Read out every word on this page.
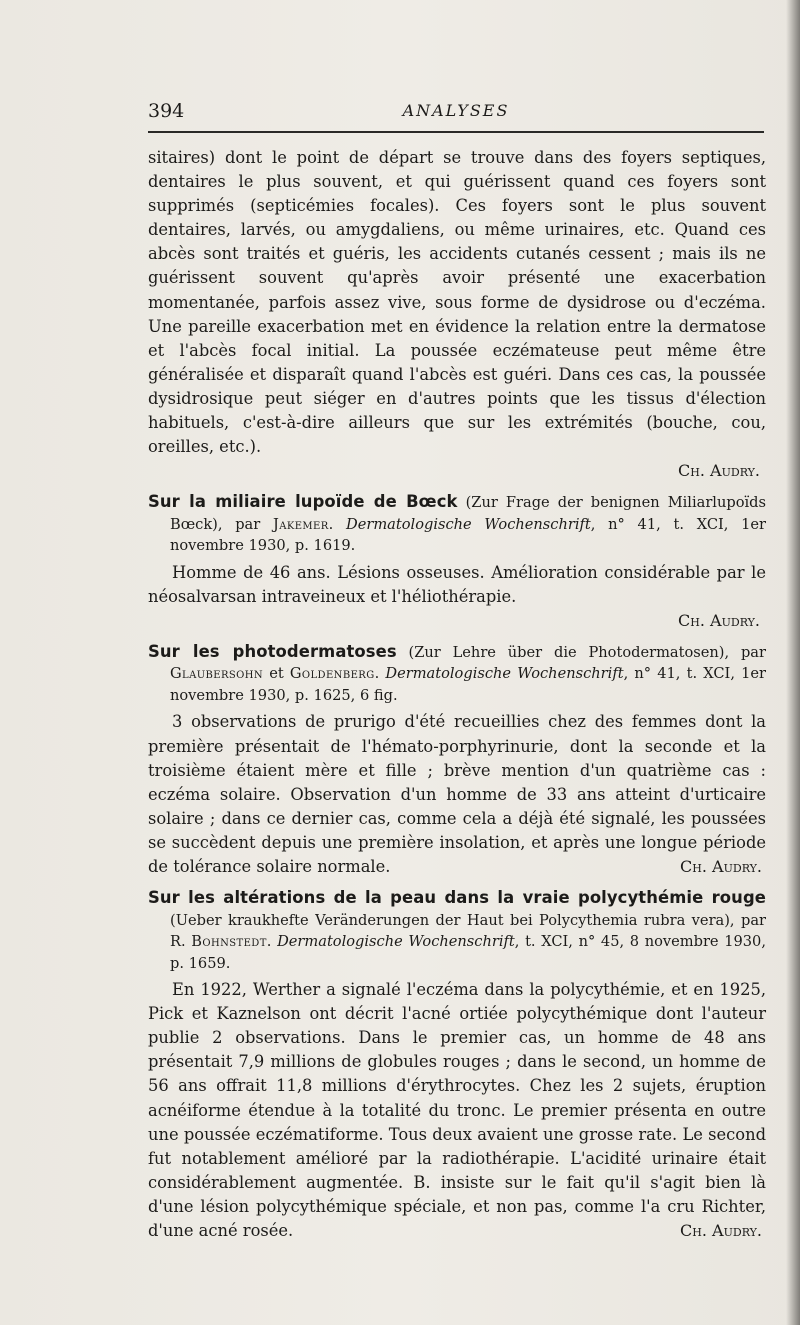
394	ANALYSES

sitaires) dont le point de départ se trouve dans des foyers septiques, dentaires le plus souvent, et qui guérissent quand ces foyers sont supprimés (septicémies focales). Ces foyers sont le plus souvent dentaires, larvés, ou amygdaliens, ou même urinaires, etc. Quand ces abcès sont traités et guéris, les accidents cutanés cessent ; mais ils ne guérissent souvent qu'après avoir présenté une exacerbation momentanée, parfois assez vive, sous forme de dysidrose ou d'eczéma. Une pareille exacerbation met en évidence la relation entre la dermatose et l'abcès focal initial. La poussée eczémateuse peut même être généralisée et disparaît quand l'abcès est guéri. Dans ces cas, la poussée dysidrosique peut siéger en d'autres points que les tissus d'élection habituels, c'est-à-dire ailleurs que sur les extrémités (bouche, cou, oreilles, etc.).

Ch. Audry.

Sur la miliaire lupoïde de Bœck (Zur Frage der benignen Miliarlupoïds Bœck), par Jakemer. Dermatologische Wochenschrift, n° 41, t. XCI, 1er novembre 1930, p. 1619.

Homme de 46 ans. Lésions osseuses. Amélioration considérable par le néosalvarsan intraveineux et l'héliothérapie.

Ch. Audry.

Sur les photodermatoses (Zur Lehre über die Photodermatosen), par Glaubersohn et Goldenberg. Dermatologische Wochenschrift, n° 41, t. XCI, 1er novembre 1930, p. 1625, 6 fig.

3 observations de prurigo d'été recueillies chez des femmes dont la première présentait de l'hémato-porphyrinurie, dont la seconde et la troisième étaient mère et fille ; brève mention d'un quatrième cas : eczéma solaire. Observation d'un homme de 33 ans atteint d'urticaire solaire ; dans ce dernier cas, comme cela a déjà été signalé, les poussées se succèdent depuis une première insolation, et après une longue période de tolérance solaire normale.	Ch. Audry.

Sur les altérations de la peau dans la vraie polycythémie rouge (Ueber kraukhefte Veränderungen der Haut bei Polycythemia rubra vera), par R. Bohnstedt. Dermatologische Wochenschrift, t. XCI, n° 45, 8 novembre 1930, p. 1659.

En 1922, Werther a signalé l'eczéma dans la polycythémie, et en 1925, Pick et Kaznelson ont décrit l'acné ortiée polycythémique dont l'auteur publie 2 observations. Dans le premier cas, un homme de 48 ans présentait 7,9 millions de globules rouges ; dans le second, un homme de 56 ans offrait 11,8 millions d'érythrocytes. Chez les 2 sujets, éruption acnéiforme étendue à la totalité du tronc. Le premier présenta en outre une poussée eczématiforme. Tous deux avaient une grosse rate. Le second fut notablement amélioré par la radiothérapie. L'acidité urinaire était considérablement augmentée. B. insiste sur le fait qu'il s'agit bien là d'une lésion polycythémique spéciale, et non pas, comme l'a cru Richter, d'une acné rosée.	Ch. Audry.
